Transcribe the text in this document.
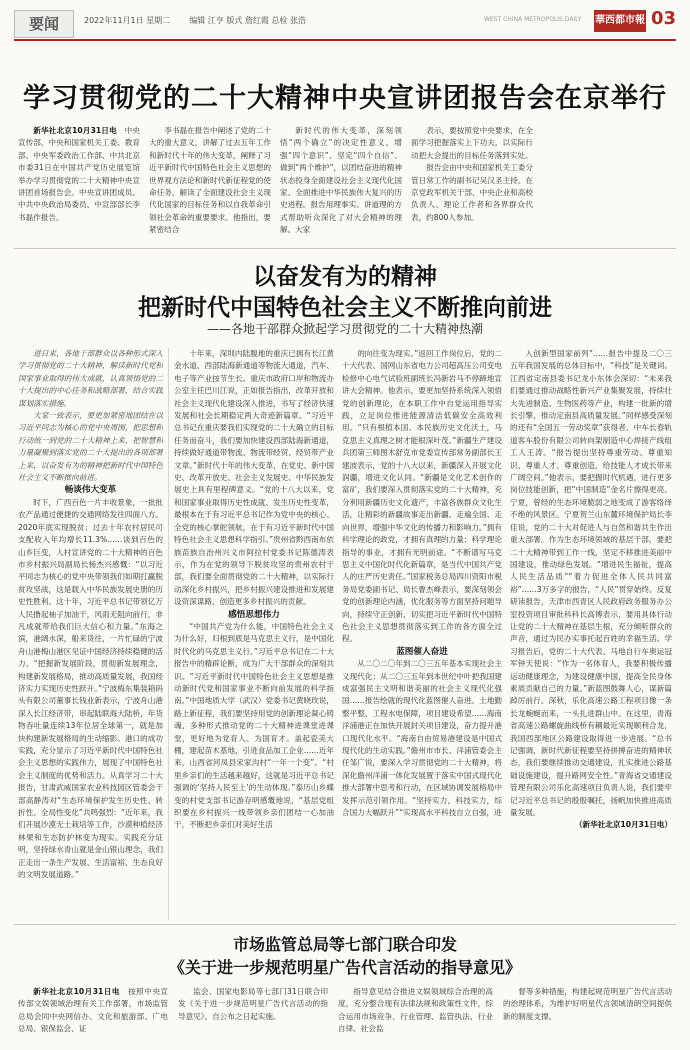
要闻	2022年11月1日 星期二 编辑 江亨 版式 詹红霞 总检 张浩	WEST CHINA METROPOLIS DAILY 華西都市報 03
学习贯彻党的二十大精神中央宣讲团报告会在京举行

新华社北京10月31日电　 中央宣传部、中央和国家机关工委、教育部、中央军委政治工作部、中共北京市委31日在中国共产党历史展览馆举办学习贯彻党的二十大精神中央宣讲团首场报告会。中央宣讲团成员、中共中央政治局委员、中宣部部长李书磊作报告。

李书磊在报告中阐述了党的二十大的重大意义，讲解了过去五年工作和新时代十年的伟大变革，阐释了习近平新时代中国特色社会主义思想的世界观方法论和新时代新征程党的使命任务，解读了全面建设社会主义现代化国家的目标任务和以自我革命引领社会革命的重要要求。他指出，要紧密结合

新时代的伟大变革，深刻领悟“两个确立”的决定性意义，增强“四个意识”、坚定“四个自信”、做到“两个维护”，以团结奋进的精神状态投身全面建设社会主义现代化国家、全面推进中华民族伟大复兴的历史进程。报告用理事实、讲道理的方式帮助听众深化了对大会精神的理解。大家

表示，要按照党中央要求，在全面学习把握落实上下功夫，以实际行动把大会提出的目标任务落到实处。

报告会由中央和国家机关工委分管日常工作的副书记吴汉圣主持。在京党政军机关干部、中央企业和高校负责人、理论工作者和各界群众代表，约800人参加。

以奋发有为的精神
把新时代中国特色社会主义不断推向前进
——各地干部群众掀起学习贯彻党的二十大精神热潮

进日来，各地干部群众以各种形式深入学习贯彻党的二十大精神，解读新时代党和国家事业取得的伟大成就，认真领悟党的二十大提出的中心任务和战略部署，结合实践谋划落实措施。

大家一致表示，要更加紧密地团结在以习近平同志为核心的党中央周围，把思想和行动统一到党的二十大精神上来，把智慧和力量凝聚到落实党的二十大提出的各项部署上来，以奋发有为的精神把新时代中国特色社会主义不断推向前进。

畅谈伟大变革

时下，广西百色一片丰收景象，一批批农产品通过便捷的交通网络发往四面八方。2020年底实现脱贫；过去十年农村居民可支配收入年均增长11.3%……谈到百色的山乡巨变，人村宣讲党的二十大精神的百色市乡村振兴局副局长杨杰兴感慨：“以习近平同志为核心的党中央带领我们如期打赢脱贫攻坚战，这是载入中华民族发展史册的历史性胜利。这十年，习近平总书记带领亿万人民撸起袖子加油干，风雨无阻向前行，非凡成就带给我们巨大信心和力量。”东海之滨，港阔水深，船来货往，一片忙碌的宁波舟山港梅山港区见证中国经济持续稳健的活力。“把握新发展阶段，贯彻新发展理念，构建新发展格局，推动高质量发展，我国经济实力实现历史性跃升。”宁波梅东集装箱码头有限公司董事长钱业新表示，宁波舟山港深入长江经济带，串起陆联海大陆桥，年货物吞吐量连续13年位居全球第一，就是加快构建新发展格局的生动缩影。港口的成功实践，充分显示了习近平新时代中国特色社会主义思想的实践伟力，展现了中国特色社会主义制度的优势和活力。从真学习二十大报告，甘肃武威国家农业科技园区管委会干部高静涛对“生态环境保护发生历史性、转折性、全局性变化”共鸣强烈：“近年来，我们开展沙漠无土栽培等工作，沙漠种植经济林果和生态防护林变为现实。实践充分证明，坚持绿水青山就是金山银山理念，我们正走出一条生产发展、生活富裕、生态良好的文明发展道路。”

十年来，深圳内陆腹地的重庆已拥有长江黄金水道、西部陆海新通道等物流大通道，汽车、电子等产业按节生长。重庆市政府口岸和物流办公室主任巴川江说，正如报告指出，改革开放和社会主义现代化建设深入推进，书写了经济快速发展和社会长期稳定两大奇迹新篇章。“习近平总书记在重庆要我们实现党的二十大确立的目标任务而奋斗，我们要加快建设西部陆海新通道，持续做好通道带物流、物流带经贸、经贸带产业文章。”新时代十年的伟大变革，在党史、新中国史、改革开放史、社会主义发展史、中华民族发展史上具有里程碑意义。“党的十八大以来，党和国家事业取得历史性成就、发生历史性变革，最根本在于有习近平总书记作为党中央的核心、全党的核心掌舵领航，在于有习近平新时代中国特色社会主义思想科学指引。”贵州省黔西南布依族苗族自治州兴义市阿拉村党委书记陈德涛表示，作为在党的领导下脱贫攻坚的贵州农村干部，我们要全面贯彻党的二十大精神，以实际行动深化乡村振兴，把乡村振兴建设推进和发展建设资深谋路，创造更多乡村振兴的贡献。

感悟思想伟力

“中国共产党为什么能，中国特色社会主义为什么好，归根到底是马克思主义行，是中国化时代化的马克思主义行。”习近平总书记在二十大报告中的精辟论断，成为广大干部群众的深刻共识。“习近平新时代中国特色社会主义思想是推动新时代党和国家事业不断向前发展的科学指南。”中国地质大学（武汉）党委书记黄晓玫说，路上新征程，我们要坚持用党的创新理论凝心铸魂，多种形式推动党的二十大精神进课堂进课堂，更好地为党育人、为国育才。盖起瓷美大棚，建起苗木基地，引进食品加工企业……近年来，山西省河凤县宋家沟村“一年一个变”。“村里乡亲们的生活越来越好，这就是习近平总书记强调的‘坚持人民至上’的生动体现。”泰历山乡蝶变的村党支部书记游存明感慨地说，“基层党组织要在乡村振兴一线带领乡亲们团结一心加油干，不断把乡亲们对美好生活

的向往变为现实。”返回工作岗位后，党的二十大代表、国网山东省电力公司超高压公司变电检修中心电气试验班副班长冯新岩马不停蹄地宣讲大会精神。他表示，要更加坚持系统深入领悟党的创新理论，在本职工作中自觉运用指导实践，立足岗位推进能源清洁低碳安全高效利用。“只有根植本国、本民族历史文化沃土，马克思主义真理之树才能根深叶茂。”新疆生产建设兵团第三师图木舒克市党委宣传部常务副部长王建波表示，党的十八大以来，新疆深入开展文化润疆，增进文化认同。“新疆是文化艺术创作的富矿，我们要深入贯彻落实党的二十大精神，充分利用新疆历史文化遗产，丰富各族群众文化生活，让精彩的新疆故事走出新疆、走遍全国、走向世界，增强中华文化的传播力和影响力。”拥有科学理论的政党，才拥有真理的力量；科学理论指导的事业，才拥有光明前途。“不断谱写马克思主义中国化时代化新篇章，是当代中国共产党人的庄严历史责任。”国家税务总局四川资阳市税务局党委副书记、局长曹杰峰表示，要深刻领会党的创新理论内涵，优化服务等方面坚持问题导向，持续守正创新，切实把习近平新时代中国特色社会主义思想贯彻落实到工作的各方面全过程。

蓝图催人奋进

从二〇二〇年到二〇三五年基本实现社会主义现代化；从二〇三五年到本世纪中叶把我国建成富强民主文明和谐美丽的社会主义现代化强国……报告绘就的现代化蓝图催人奋进。土地勤整平整、工程水电保障，项目建设希望……海南洋浦港正在加快开展封关项目建设，奋力提升港口现代化水平。“海南自由贸易港建设是中国式现代化的生动实践。”儋州市市长、洋浦管委会主任邹广说，要深入学习贯彻党的二十大精神，将深化儋州洋浦一体化发展置于落实中国式现代化推大部署中思考和行动，在区域协调发展格局中发挥示范引领作用。“坚持实力，科技实力，综合国力大幅跃升”“实现高水平科技自立自强，进

入创新型国家前列”……报告中提及二〇三五年我国发展的总体目标中，“科技”是关键词。江西省定南县委书记龙小东体会深切：“未来我们要通过推动战略性新兴产业集聚发展，持续壮大先进制造、生物医药等产业，构建一批新的增长引擎，推动定南县高质量发展。”同样感受深刻的还有“全国五一劳动奖章”获得者、中车长春轨道客车股份有限公司转向架制造中心焊接产线组工人王涛。“报告提出坚持尊重劳动、尊重知识、尊重人才、尊重创造，给技能人才成长带来广阔空间。”他表示，要把握时代机遇，进行更多岗位技能创新，把“中国制造”金名片擦得更亮。宁夏，曾经的生态环境脆弱之地变成了游客络绎不绝的风景区。宁夏贺兰山东麓环境保护局长李佳说，党的二十大对促进人与自然和谐共生作出重大部署。作为生态环境领域的基层干部，要把二十大精神带到工作一线，坚定不移推进美丽中国建设，推动绿色发展。“增进民生福祉，提高人民生活品质”“着力促进全体人民共同富裕”……3万多字的报告，“人民”贯穿始终。反复研读报告，天津市西青区人民政府政务服务办公室投资项目审批科科长高博表示，要用具体行动让党的二十大精神在基层生根，充分倾听群众的声音，通过为民办实事托起百姓的幸福生活。学习报告后，党的二十大代表、马地自行车奥运冠军钟天使说：“作为一名体育人，我要积极传播运动健康理念，为建设健康中国，提高全民身体素质贡献自己的力量。”新蓝图鼓舞人心，谋新篇踔厉前行。深秋，乐化高速公路工程项目像一条长龙蜿蜒而来，一头扎进群山中。在这里，青海省高速公路螺旋曲线桥有耦最近实现顺利合龙，我国西部地区公路建设取得进一步进展。“总书记强调，新时代新征程要坚持拼搏奋进的精神状态，我们要继续推动交通建设，扎实推进公路基础设施建设，提升路网安全性。”青海省交通建设管理有限公司乐化高速项目负责人说，我们要牢记习近平总书记的殷殷嘱托，扬帆加快推进高质量发展。

（新华社北京10月31日电）

市场监管总局等七部门联合印发
《关于进一步规范明星广告代言活动的指导意见》

新华社北京10月31日电　 按照中央宣传部文娱领域治理有关工作部署，市场监管总局会同中央网信办、文化和旅游部、广电总局、银保监会、证

监会、国家电影局等七部门31日联合印发《关于进一步规范明星广告代言活动的指导意见》，自公布之日起实施。

指导意见结合推进文娱领域综合治理的高度，充分整合现有法律法规和政策性文件，综合运用市场竞争、行业管理、监管执法、行业自律、社会监

督等多种措施，构建起规范明星广告代言活动的治理体系，为维护好明星代言领域清朗空间提供新的制度支撑。
